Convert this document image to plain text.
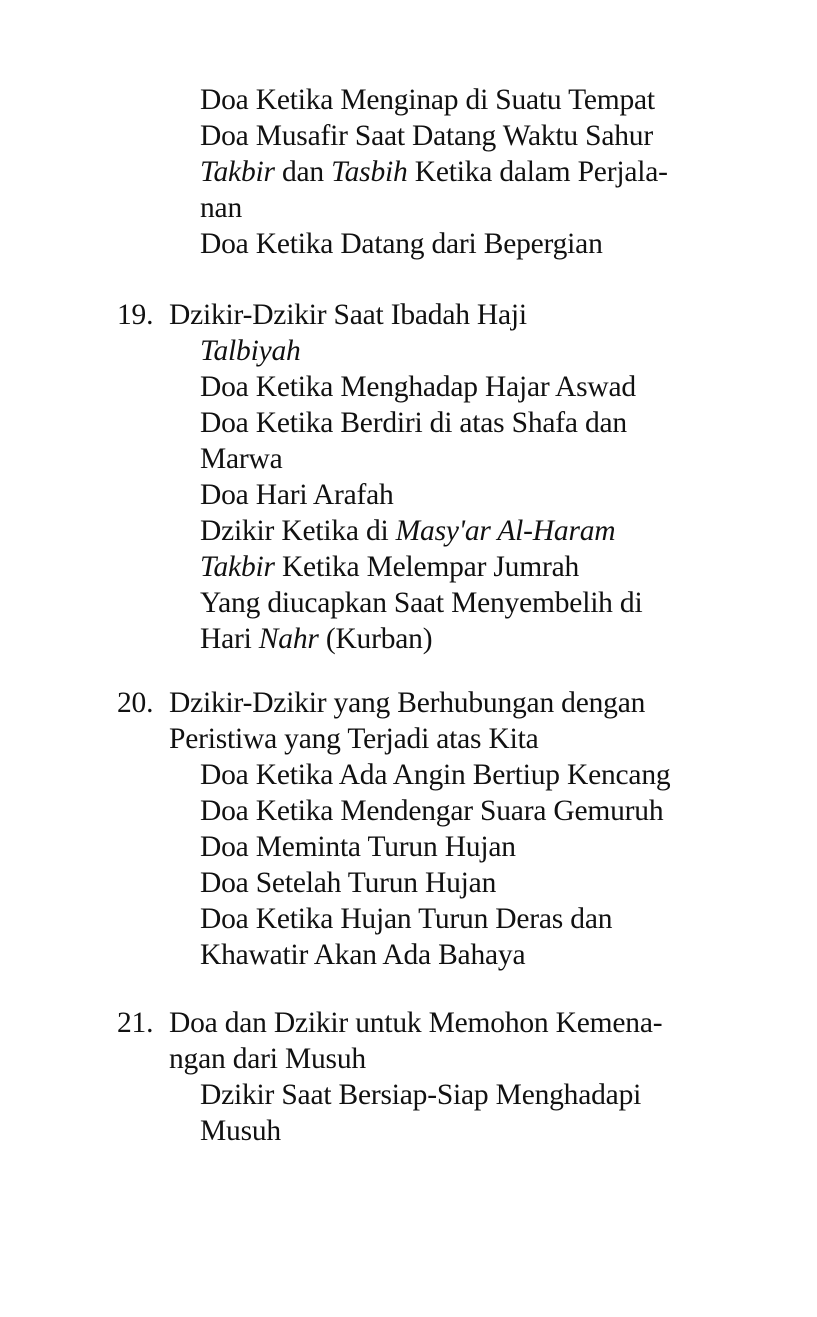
Doa Ketika Menginap di Suatu Tempat
Doa Musafir Saat Datang Waktu Sahur
Takbir dan Tasbih Ketika dalam Perjala-
nan
Doa Ketika Datang dari Bepergian
19. Dzikir-Dzikir Saat Ibadah Haji
Talbiyah
Doa Ketika Menghadap Hajar Aswad
Doa Ketika Berdiri di atas Shafa dan
Marwa
Doa Hari Arafah
Dzikir Ketika di Masy'ar Al-Haram
Takbir Ketika Melempar Jumrah
Yang diucapkan Saat Menyembelih di
Hari Nahr (Kurban)
20. Dzikir-Dzikir yang Berhubungan dengan
Peristiwa yang Terjadi atas Kita
Doa Ketika Ada Angin Bertiup Kencang
Doa Ketika Mendengar Suara Gemuruh
Doa Meminta Turun Hujan
Doa Setelah Turun Hujan
Doa Ketika Hujan Turun Deras dan
Khawatir Akan Ada Bahaya
21. Doa dan Dzikir untuk Memohon Kemena-
ngan dari Musuh
Dzikir Saat Bersiap-Siap Menghadapi
Musuh
